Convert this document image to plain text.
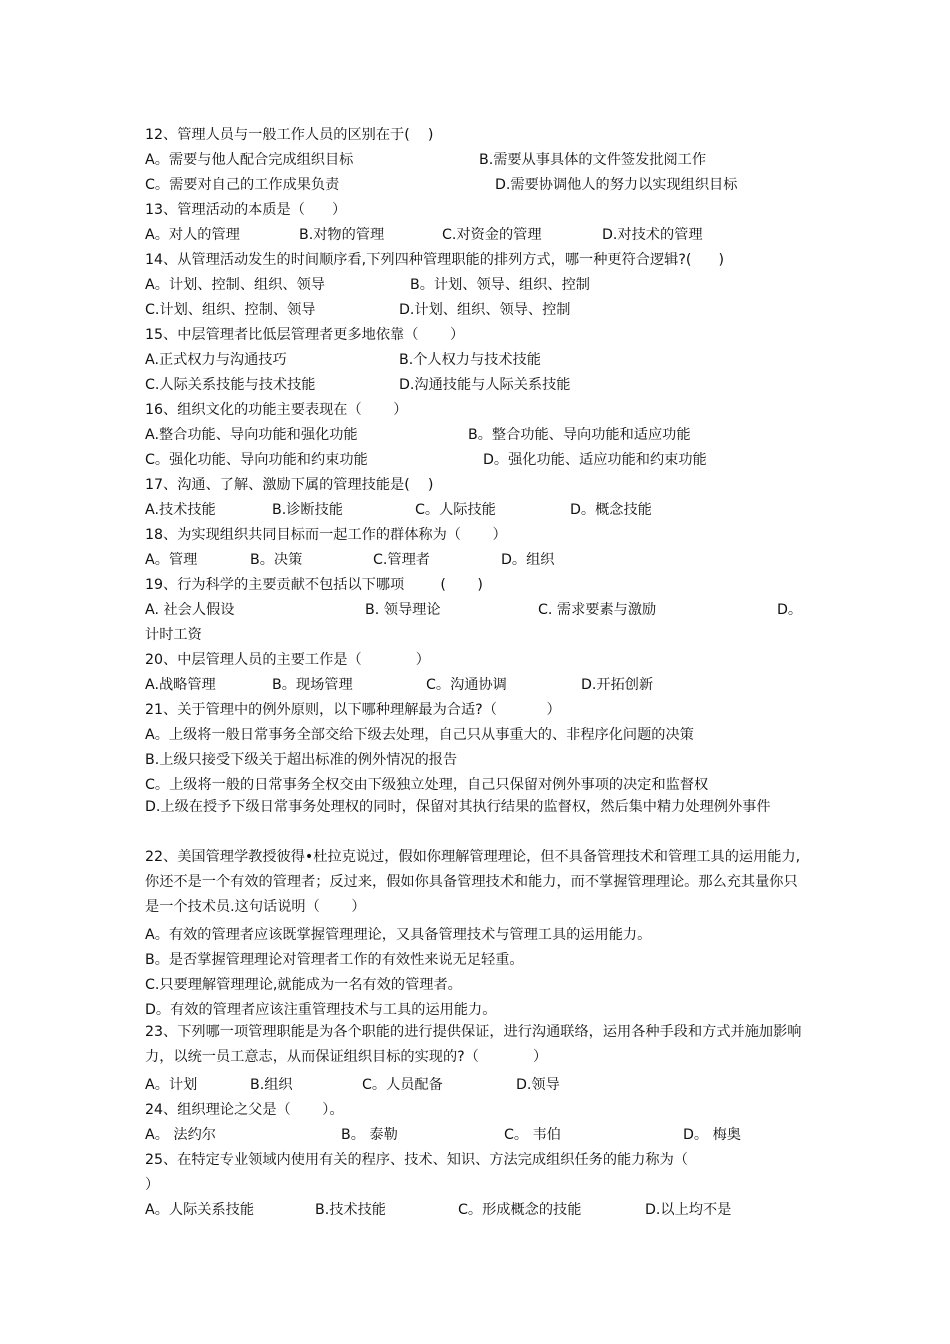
12、管理人员与一般工作人员的区别在于(    )
A。需要与他人配合完成组织目标	B.需要从事具体的文件签发批阅工作
C。需要对自己的工作成果负责	D.需要协调他人的努力以实现组织目标
13、管理活动的本质是（      ）
A。对人的管理	B.对物的管理	C.对资金的管理	D.对技术的管理
14、从管理活动发生的时间顺序看,下列四种管理职能的排列方式，哪一种更符合逻辑?(      )
A。计划、控制、组织、领导	B。计划、领导、组织、控制
C.计划、组织、控制、领导	D.计划、组织、领导、控制
15、中层管理者比低层管理者更多地依靠（       ）
A.正式权力与沟通技巧	B.个人权力与技术技能
C.人际关系技能与技术技能	D.沟通技能与人际关系技能
16、组织文化的功能主要表现在（       ）
A.整合功能、导向功能和强化功能	B。整合功能、导向功能和适应功能
C。强化功能、导向功能和约束功能	D。强化功能、适应功能和约束功能
17、沟通、了解、激励下属的管理技能是(    )
A.技术技能	B.诊断技能	C。人际技能	D。概念技能
18、为实现组织共同目标而一起工作的群体称为（       ）
A。管理	B。决策	C.管理者	D。组织
19、行为科学的主要贡献不包括以下哪项        (       )
A. 社会人假设	B. 领导理论	C. 需求要素与激励	D。
计时工资
20、中层管理人员的主要工作是（            ）
A.战略管理	B。现场管理	C。沟通协调	D.开拓创新
21、关于管理中的例外原则，以下哪种理解最为合适?（           ）
A。上级将一般日常事务全部交给下级去处理，自己只从事重大的、非程序化问题的决策
B.上级只接受下级关于超出标准的例外情况的报告
C。上级将一般的日常事务全权交由下级独立处理，自己只保留对例外事项的决定和监督权
D.上级在授予下级日常事务处理权的同时，保留对其执行结果的监督权，然后集中精力处理例外事件
22、美国管理学教授彼得•杜拉克说过，假如你理解管理理论，但不具备管理技术和管理工具的运用能力,你还不是一个有效的管理者；反过来，假如你具备管理技术和能力，而不掌握管理理论。那么充其量你只是一个技术员.这句话说明（       ）
A。有效的管理者应该既掌握管理理论，又具备管理技术与管理工具的运用能力。
B。是否掌握管理理论对管理者工作的有效性来说无足轻重。
C.只要理解管理理论,就能成为一名有效的管理者。
D。有效的管理者应该注重管理技术与工具的运用能力。
23、下列哪一项管理职能是为各个职能的进行提供保证，进行沟通联络，运用各种手段和方式并施加影响力，以统一员工意志，从而保证组织目标的实现的?（            ）
A。计划	B.组织	C。人员配备	D.领导
24、组织理论之父是（       ）。
A。 法约尔	B。 泰勒	C。 韦伯	D。 梅奥
25、在特定专业领域内使用有关的程序、技术、知识、方法完成组织任务的能力称为（
）
A。人际关系技能	B.技术技能	C。形成概念的技能	D.以上均不是
